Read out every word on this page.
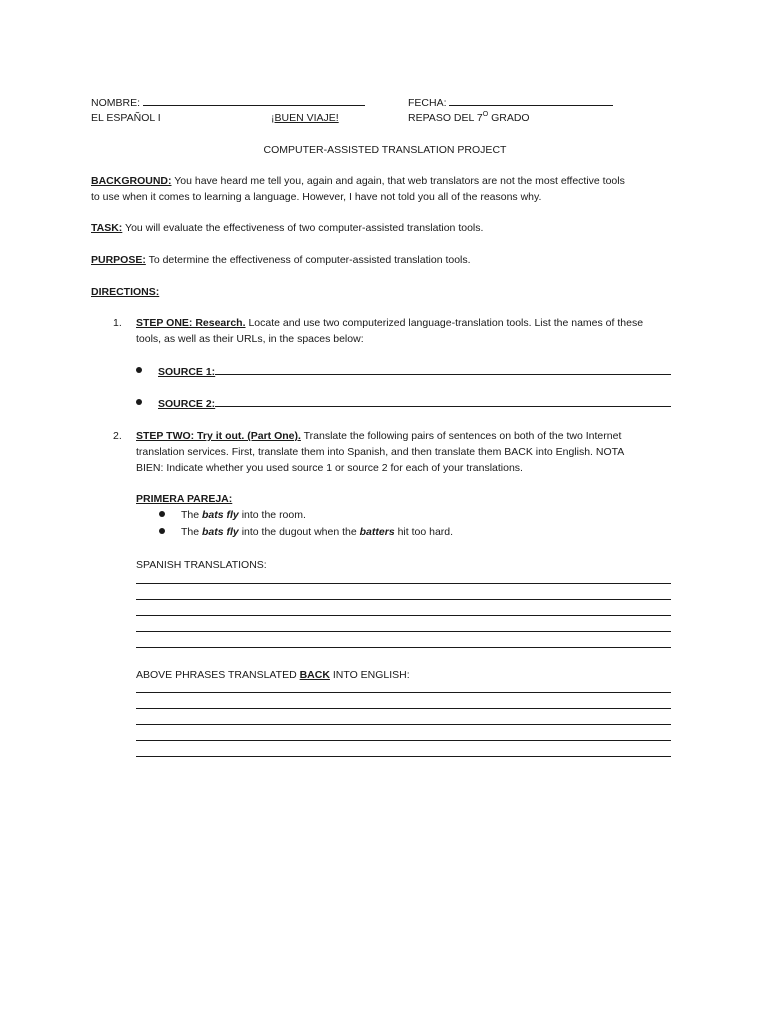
NOMBRE:	FECHA:
EL ESPAÑOL I	¡BUEN VIAJE!	REPASO DEL $7^O$ GRADO
COMPUTER-ASSISTED TRANSLATION PROJECT
BACKGROUND: You have heard me tell you, again and again, that web translators are not the most effective tools
to use when it comes to learning a language. However, I have not told you all of the reasons why.
TASK: You will evaluate the effectiveness of two computer-assisted translation tools.
PURPOSE: To determine the effectiveness of computer-assisted translation tools.
DIRECTIONS:
1. STEP ONE: Research. Locate and use two computerized language-translation tools. List the names of these
tools, as well as their URLs, in the spaces below:
SOURCE 1:
SOURCE 2:
2. STEP TWO: Try it out. (Part One). Translate the following pairs of sentences on both of the two Internet
translation services. First, translate them into Spanish, and then translate them BACK into English. NOTA
BIEN: Indicate whether you used source 1 or source 2 for each of your translations.
PRIMERA PAREJA:
The bats fly into the room.
The bats fly into the dugout when the batters hit too hard.
SPANISH TRANSLATIONS:
ABOVE PHRASES TRANSLATED BACK INTO ENGLISH:
